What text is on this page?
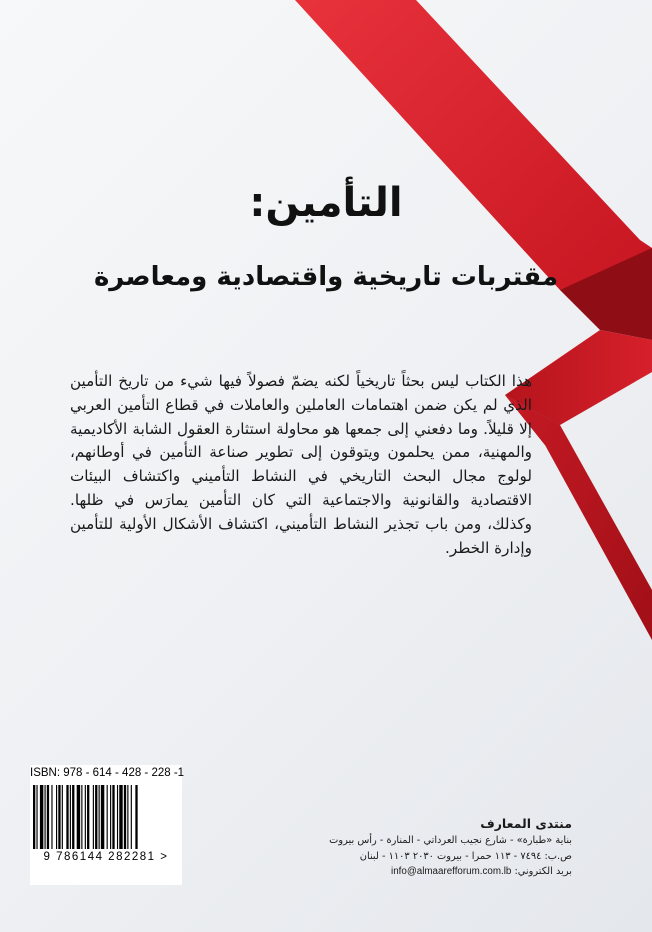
التأمين:
مقتربات تاريخية واقتصادية ومعاصرة
هذا الكتاب ليس بحثاً تاريخياً لكنه يضمّ فصولاً فيها شيء من تاريخ التأمين الذي لم يكن ضمن اهتمامات العاملين والعاملات في قطاع التأمين العربي إلا قليلاً. وما دفعني إلى جمعها هو محاولة استثارة العقول الشابة الأكاديمية والمهنية، ممن يحلمون ويتوقون إلى تطوير صناعة التأمين في أوطانهم، لولوج مجال البحث التاريخي في النشاط التأميني واكتشاف البيئات الاقتصادية والقانونية والاجتماعية التي كان التأمين يمارَس في ظلها. وكذلك، ومن باب تجذير النشاط التأميني، اكتشاف الأشكال الأولية للتأمين وإدارة الخطر.
ISBN: 978 - 614 - 428 - 228 -1
9 786144 282281 >
منتدى المعارف
بناية «طبارة» - شارع نجيب العرداتي - المنارة - رأس بيروت
ص.ب: ٧٤٩٤ - ١١٣ حمرا - بيروت ٢٠٣٠ ١١٠٣ - لبنان
بريد الكتروني: info@almaarefforum.com.lb
